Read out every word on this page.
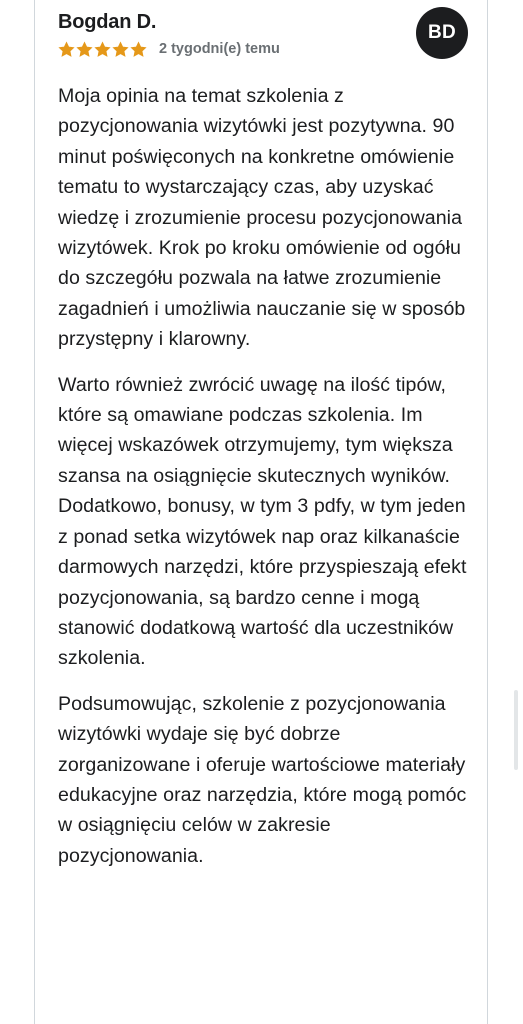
Bogdan D.
2 tygodni(e) temu
BD

Moja opinia na temat szkolenia z pozycjonowania wizytówki jest pozytywna. 90 minut poświęconych na konkretne omówienie tematu to wystarczający czas, aby uzyskać wiedzę i zrozumienie procesu pozycjonowania wizytówek. Krok po kroku omówienie od ogółu do szczegółu pozwala na łatwe zrozumienie zagadnień i umożliwia nauczanie się w sposób przystępny i klarowny.

Warto również zwrócić uwagę na ilość tipów, które są omawiane podczas szkolenia. Im więcej wskazówek otrzymujemy, tym większa szansa na osiągnięcie skutecznych wyników. Dodatkowo, bonusy, w tym 3 pdfy, w tym jeden z ponad setka wizytówek nap oraz kilkanaście darmowych narzędzi, które przyspieszają efekt pozycjonowania, są bardzo cenne i mogą stanowić dodatkową wartość dla uczestników szkolenia.

Podsumowując, szkolenie z pozycjonowania wizytówki wydaje się być dobrze zorganizowane i oferuje wartościowe materiały edukacyjne oraz narzędzia, które mogą pomóc w osiągnięciu celów w zakresie pozycjonowania.
